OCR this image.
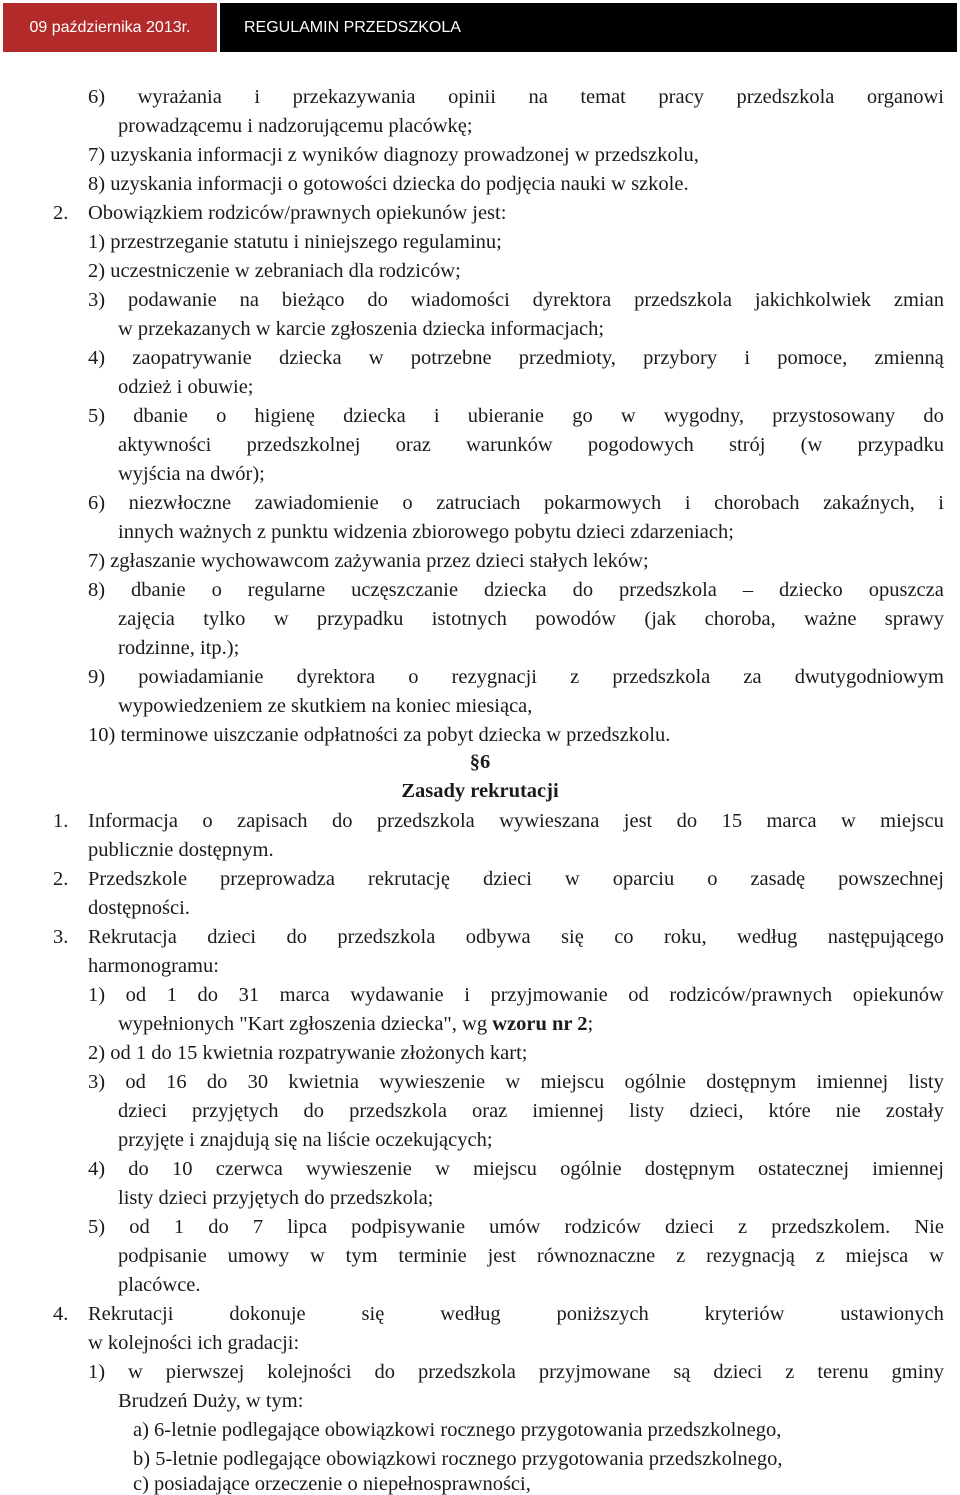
09 października 2013r.	REGULAMIN PRZEDSZKOLA
6) wyrażania i przekazywania opinii na temat pracy przedszkola organowi
prowadzącemu i nadzorującemu placówkę;
7) uzyskania informacji z wyników diagnozy prowadzonej w przedszkolu,
8) uzyskania informacji o gotowości dziecka do podjęcia nauki w szkole.
2. Obowiązkiem rodziców/prawnych opiekunów jest:
1) przestrzeganie statutu i niniejszego regulaminu;
2) uczestniczenie w zebraniach dla rodziców;
3) podawanie na bieżąco do wiadomości dyrektora przedszkola jakichkolwiek zmian
w przekazanych w karcie zgłoszenia dziecka informacjach;
4) zaopatrywanie dziecka w potrzebne przedmioty, przybory i pomoce, zmienną
odzież i obuwie;
5) dbanie o higienę dziecka i ubieranie go w wygodny, przystosowany do
aktywności przedszkolnej oraz warunków pogodowych strój (w przypadku
wyjścia na dwór);
6) niezwłoczne zawiadomienie o zatruciach pokarmowych i chorobach zakaźnych, i
innych ważnych z punktu widzenia zbiorowego pobytu dzieci zdarzeniach;
7) zgłaszanie wychowawcom zażywania przez dzieci stałych leków;
8) dbanie o regularne uczęszczanie dziecka do przedszkola – dziecko opuszcza
zajęcia tylko w przypadku istotnych powodów (jak choroba, ważne sprawy
rodzinne, itp.);
9) powiadamianie dyrektora o rezygnacji z przedszkola za dwutygodniowym
wypowiedzeniem ze skutkiem na koniec miesiąca,
10) terminowe uiszczanie odpłatności za pobyt dziecka w przedszkolu.
§6
Zasady rekrutacji
1. Informacja o zapisach do przedszkola wywieszana jest do 15 marca w miejscu
publicznie dostępnym.
2. Przedszkole przeprowadza rekrutację dzieci w oparciu o zasadę powszechnej
dostępności.
3. Rekrutacja dzieci do przedszkola odbywa się co roku, według następującego
harmonogramu:
1) od 1 do 31 marca wydawanie i przyjmowanie od rodziców/prawnych opiekunów
wypełnionych "Kart zgłoszenia dziecka", wg wzoru nr 2;
2) od 1 do 15 kwietnia rozpatrywanie złożonych kart;
3) od 16 do 30 kwietnia wywieszenie w miejscu ogólnie dostępnym imiennej listy
dzieci przyjętych do przedszkola oraz imiennej listy dzieci, które nie zostały
przyjęte i znajdują się na liście oczekujących;
4) do 10 czerwca wywieszenie w miejscu ogólnie dostępnym ostatecznej imiennej
listy dzieci przyjętych do przedszkola;
5) od 1 do 7 lipca podpisywanie umów rodziców dzieci z przedszkolem. Nie
podpisanie umowy w tym terminie jest równoznaczne z rezygnacją z miejsca w
placówce.
4. Rekrutacji	dokonuje	się	według	poniższych	kryteriów	ustawionych
w kolejności ich gradacji:
1) w pierwszej kolejności do przedszkola przyjmowane są dzieci z terenu gminy
Brudzeń Duży, w tym:
a) 6-letnie podlegające obowiązkowi rocznego przygotowania przedszkolnego,
b) 5-letnie podlegające obowiązkowi rocznego przygotowania przedszkolnego,
c) posiadające orzeczenie o niepełnosprawności,
